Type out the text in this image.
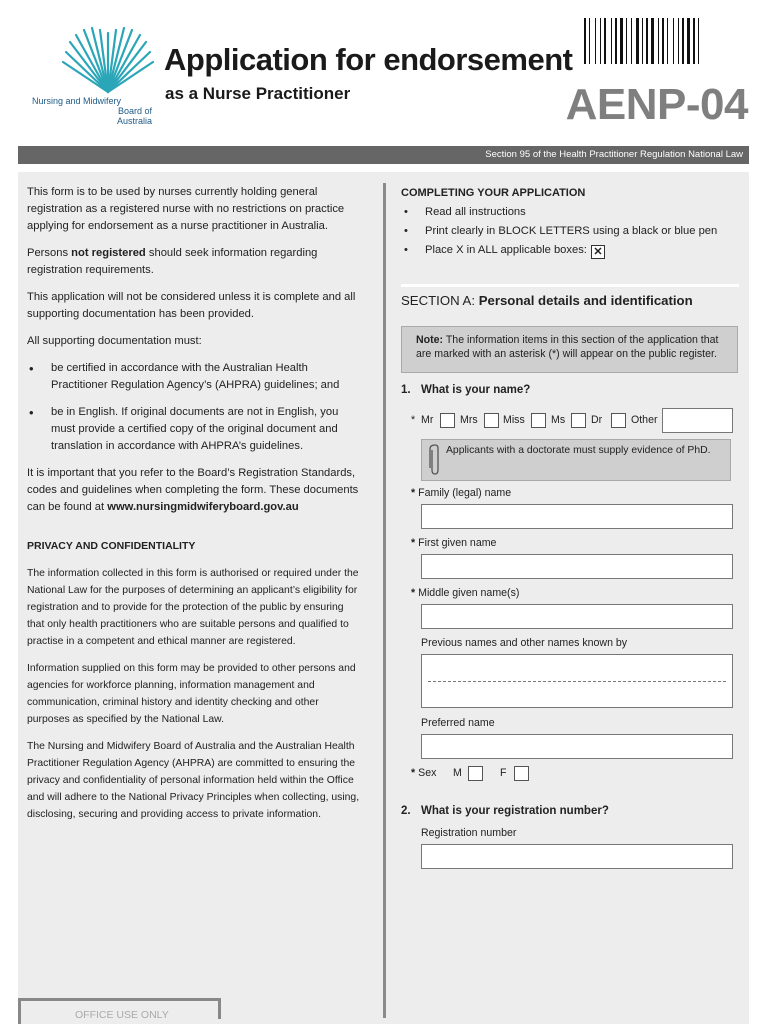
Nursing and Midwifery
Board of
Australia
Application for endorsement
as a Nurse Practitioner	AENP-04
Section 95 of the Health Practitioner Regulation National Law

This form is to be used by nurses currently holding general registration as a registered nurse with no restrictions on practice applying for endorsement as a nurse practitioner in Australia.

Persons not registered should seek information regarding registration requirements.

This application will not be considered unless it is complete and all supporting documentation has been provided.

All supporting documentation must:

• be certified in accordance with the Australian Health Practitioner Regulation Agency’s (AHPRA) guidelines; and
• be in English. If original documents are not in English, you must provide a certified copy of the original document and translation in accordance with AHPRA’s guidelines.

It is important that you refer to the Board’s Registration Standards, codes and guidelines when completing the form. These documents can be found at www.nursingmidwiferyboard.gov.au

PRIVACY AND CONFIDENTIALITY

The information collected in this form is authorised or required under the National Law for the purposes of determining an applicant’s eligibility for registration and to provide for the protection of the public by ensuring that only health practitioners who are suitable persons and qualified to practise in a competent and ethical manner are registered.

Information supplied on this form may be provided to other persons and agencies for workforce planning, information management and communication, criminal history and identity checking and other purposes as specified by the National Law.

The Nursing and Midwifery Board of Australia and the Australian Health Practitioner Regulation Agency (AHPRA) are committed to ensuring the privacy and confidentiality of personal information held within the Office and will adhere to the National Privacy Principles when collecting, using, disclosing, securing and providing access to private information.

OFFICE USE ONLY
COMPLETING YOUR APPLICATION
• Read all instructions
• Print clearly in BLOCK LETTERS using a black or blue pen
• Place X in ALL applicable boxes: ✕
SECTION A: Personal details and identification
Note: The information items in this section of the application that are marked with an asterisk (*) will appear on the public register.
1. What is your name?
* Mr	Mrs Miss Ms Dr	Other
Applicants with a doctorate must supply evidence of PhD.
* Family (legal) name
* First given name
* Middle given name(s)
Previous names and other names known by
Preferred name
* Sex M	F
2. What is your registration number?
Registration number
